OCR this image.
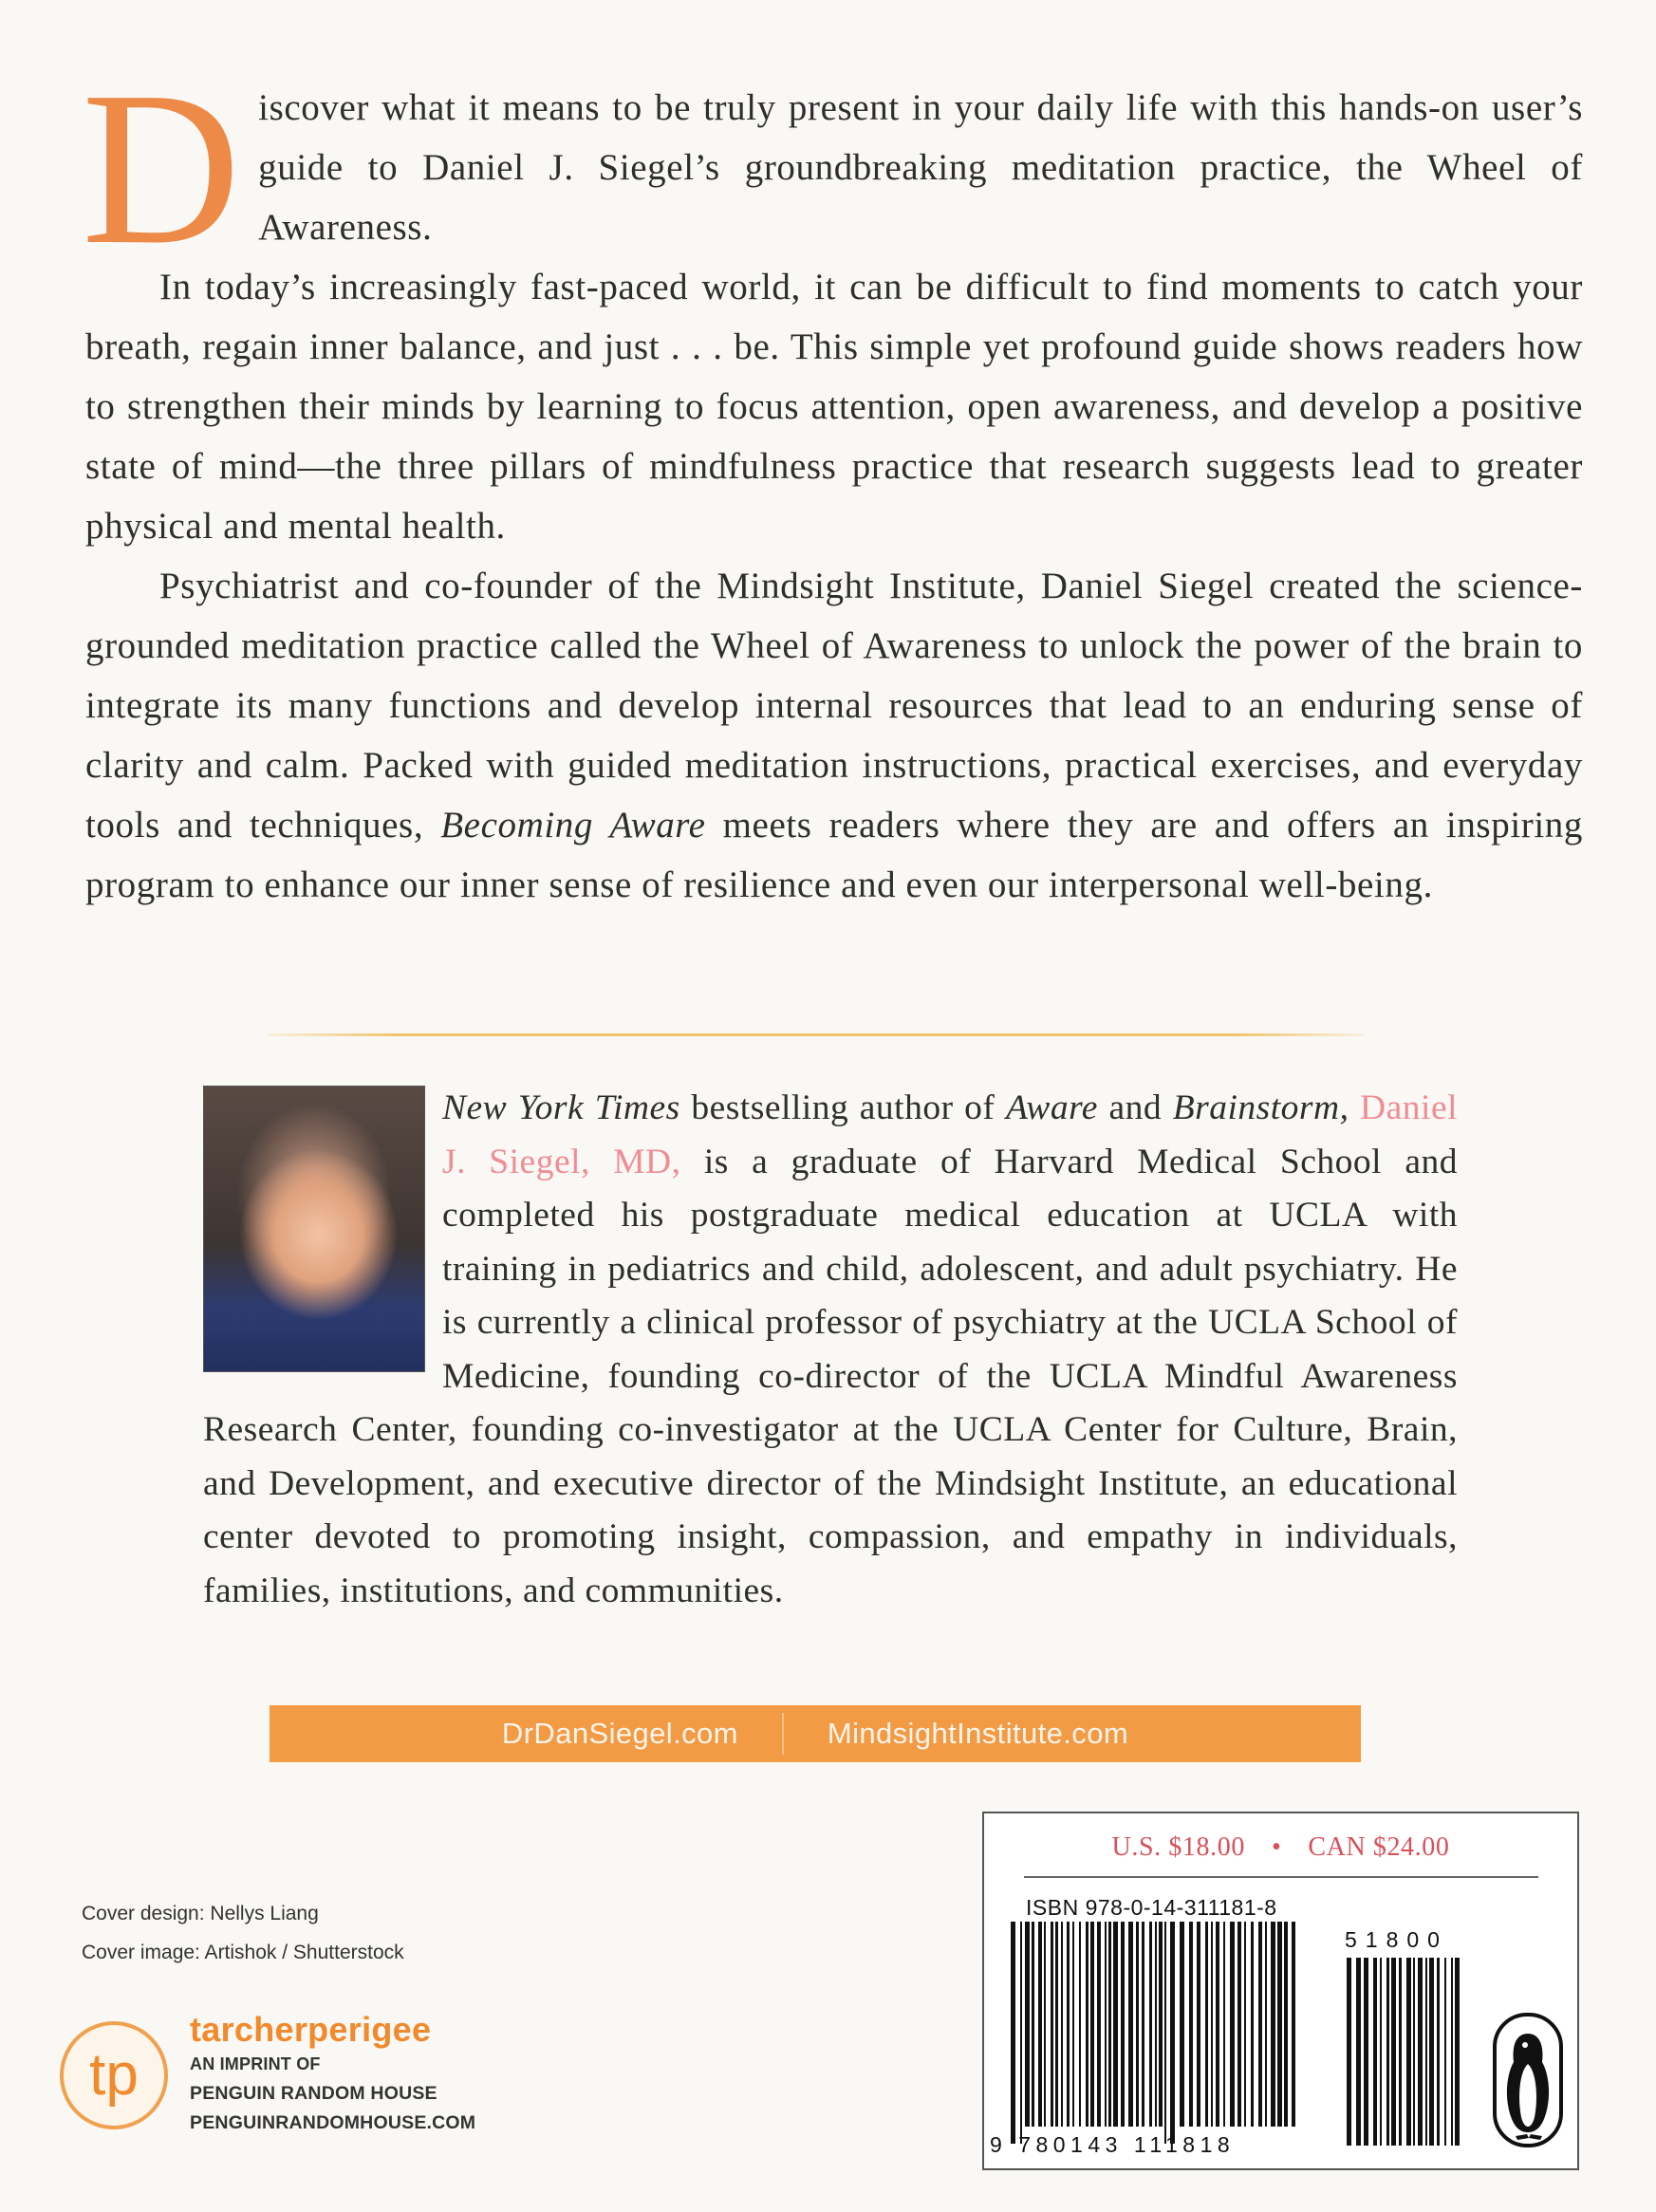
Discover what it means to be truly present in your daily life with this hands-on user’s guide to Daniel J. Siegel’s groundbreaking meditation practice, the Wheel of Awareness.

In today’s increasingly fast-paced world, it can be difficult to find moments to catch your breath, regain inner balance, and just . . . be. This simple yet profound guide shows readers how to strengthen their minds by learning to focus attention, open awareness, and develop a positive state of mind—the three pillars of mindfulness practice that research suggests lead to greater physical and mental health.

Psychiatrist and co-founder of the Mindsight Institute, Daniel Siegel created the science-grounded meditation practice called the Wheel of Awareness to unlock the power of the brain to integrate its many functions and develop internal resources that lead to an enduring sense of clarity and calm. Packed with guided meditation instructions, practical exercises, and everyday tools and techniques, Becoming Aware meets readers where they are and offers an inspiring program to enhance our inner sense of resilience and even our interpersonal well-being.

New York Times bestselling author of Aware and Brainstorm, Daniel J. Siegel, MD, is a graduate of Harvard Medical School and completed his postgraduate medical education at UCLA with training in pediatrics and child, adolescent, and adult psychiatry. He is currently a clinical professor of psychiatry at the UCLA School of Medicine, founding co-director of the UCLA Mindful Awareness Research Center, founding co-investigator at the UCLA Center for Culture, Brain, and Development, and executive director of the Mindsight Institute, an educational center devoted to promoting insight, compassion, and empathy in individuals, families, institutions, and communities.

DrDanSiegel.com	MindsightInstitute.com
Cover design: Nellys Liang
Cover image: Artishok / Shutterstock
tp
tarcherperigee
AN IMPRINT OF
PENGUIN RANDOM HOUSE
PENGUINRANDOMHOUSE.COM
U.S. $18.00 • CAN $24.00
ISBN 978-0-14-311181-8
51800
9 780143 111818
